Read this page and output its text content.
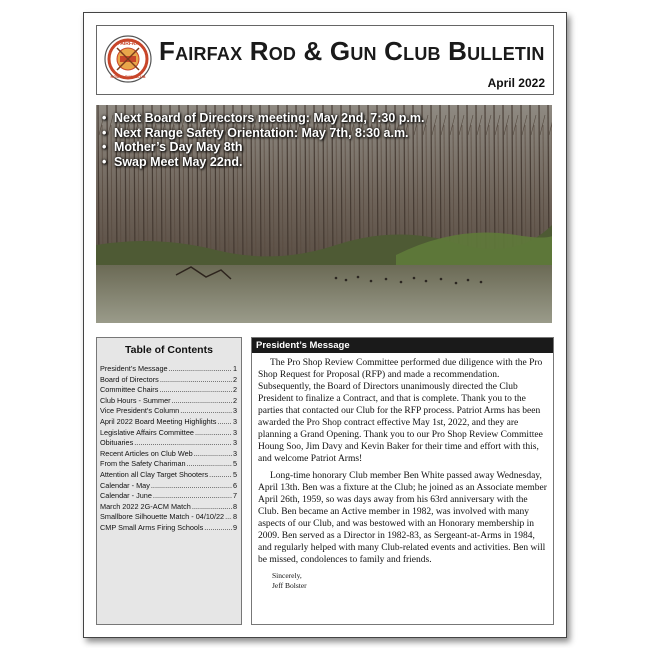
FAIRFAX
ROD & GUN CLUB
Fairfax Rod & Gun Club Bulletin
April 2022
• Next Board of Directors meeting: May 2nd, 7:30 p.m.
• Next Range Safety Orientation: May 7th, 8:30 a.m.
• Mother’s Day May 8th
• Swap Meet May 22nd.
Table of Contents
President’s Message .....	1
Board of Directors .....	2
Committee Chairs .....	2
Club Hours - Summer .....	2
Vice President’s Column .....	3
April 2022 Board Meeting Highlights ..... 3
Legislative Affairs Committee .....	3
Obituaries .....	3
Recent Articles on Club Web .....	3
From the Safety Chariman .....	5
Attention all Clay Target Shooters .....	5
Calendar - May .....	6
Calendar - June .....	7
March 2022 2G-ACM Match .....	8
Smallbore Silhouette Match - 04/10/22 ..... 8
CMP Small Arms Firing Schools .....	9
President’s Message

The Pro Shop Review Committee performed due diligence with the Pro Shop Request for Proposal (RFP) and made a recommendation. Subsequently, the Board of Directors unanimously directed the Club President to finalize a Contract, and that is complete. Thank you to the parties that contacted our Club for the RFP process. Patriot Arms has been awarded the Pro Shop contract effective May 1st, 2022, and they are planning a Grand Opening. Thank you to our Pro Shop Review Committee Houng Soo, Jim Davy and Kevin Baker for their time and effort with this, and welcome Patriot Arms!

Long-time honorary Club member Ben White passed away Wednesday, April 13th. Ben was a fixture at the Club; he joined as an Associate member April 26th, 1959, so was days away from his 63rd anniversary with the Club. Ben became an Active member in 1982, was involved with many aspects of our Club, and was bestowed with an Honorary membership in 2009. Ben served as a Director in 1982-83, as Sergeant-at-Arms in 1984, and regularly helped with many Club-related events and activities. Ben will be missed, condolences to family and friends.

Sincerely,
Jeff Bolster
